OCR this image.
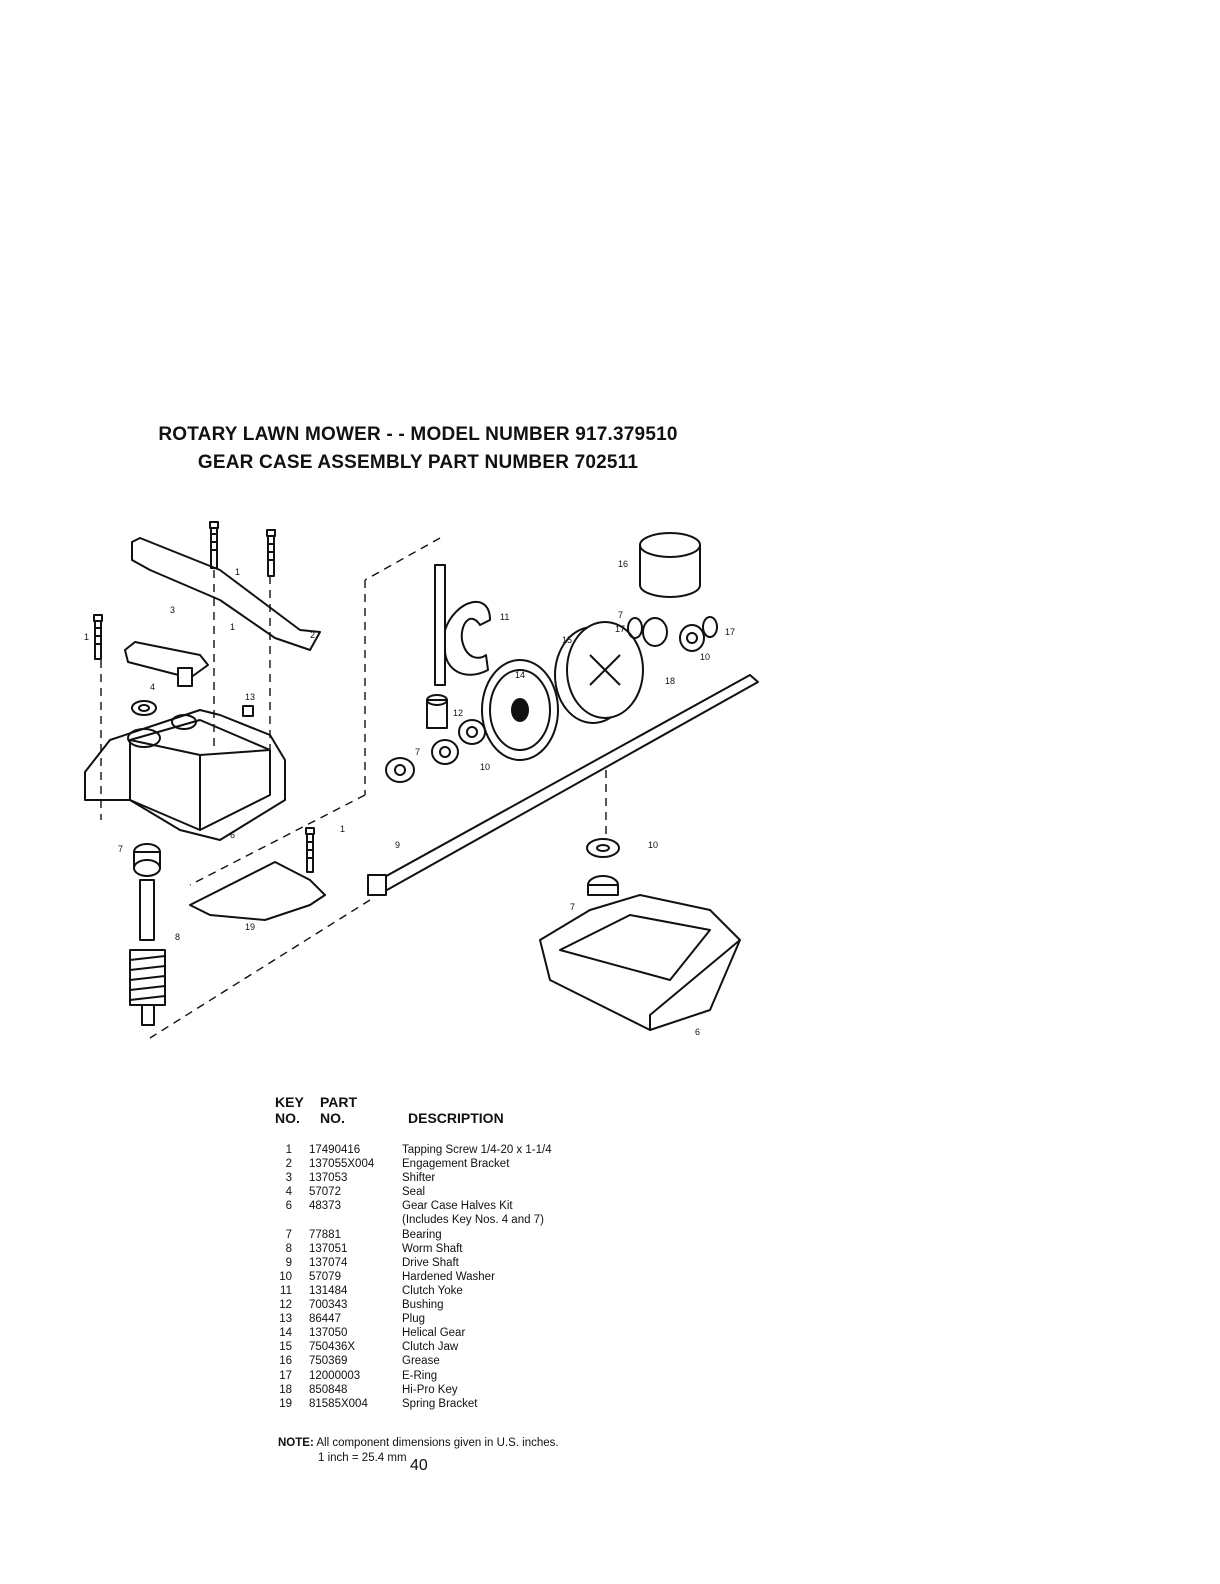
ROTARY LAWN MOWER - - MODEL NUMBER 917.379510
GEAR CASE ASSEMBLY PART NUMBER 702511
1
1
1
1
2
3
4
13
6
7
8
19
11
12
14
7
10
9
16
15
17
7
17
10
18
10
7
6
KEY
NO.
PART
NO.	DESCRIPTION
1 17490416	Tapping Screw 1/4-20 x 1-1/4
2 137055X004 Engagement Bracket
3 137053	Shifter
4 57072	Seal
6 48373	Gear Case Halves Kit
(Includes Key Nos. 4 and 7)
7 77881	Bearing
8 137051	Worm Shaft
9 137074	Drive Shaft
10 57079	Hardened Washer
11 131484	Clutch Yoke
12 700343	Bushing
13 86447	Plug
14 137050	Helical Gear
15 750436X	Clutch Jaw
16 750369	Grease
17 12000003	E-Ring
18 850848	Hi-Pro Key
19 81585X004	Spring Bracket
NOTE: All component dimensions given in U.S. inches.
1 inch = 25.4 mm 40
